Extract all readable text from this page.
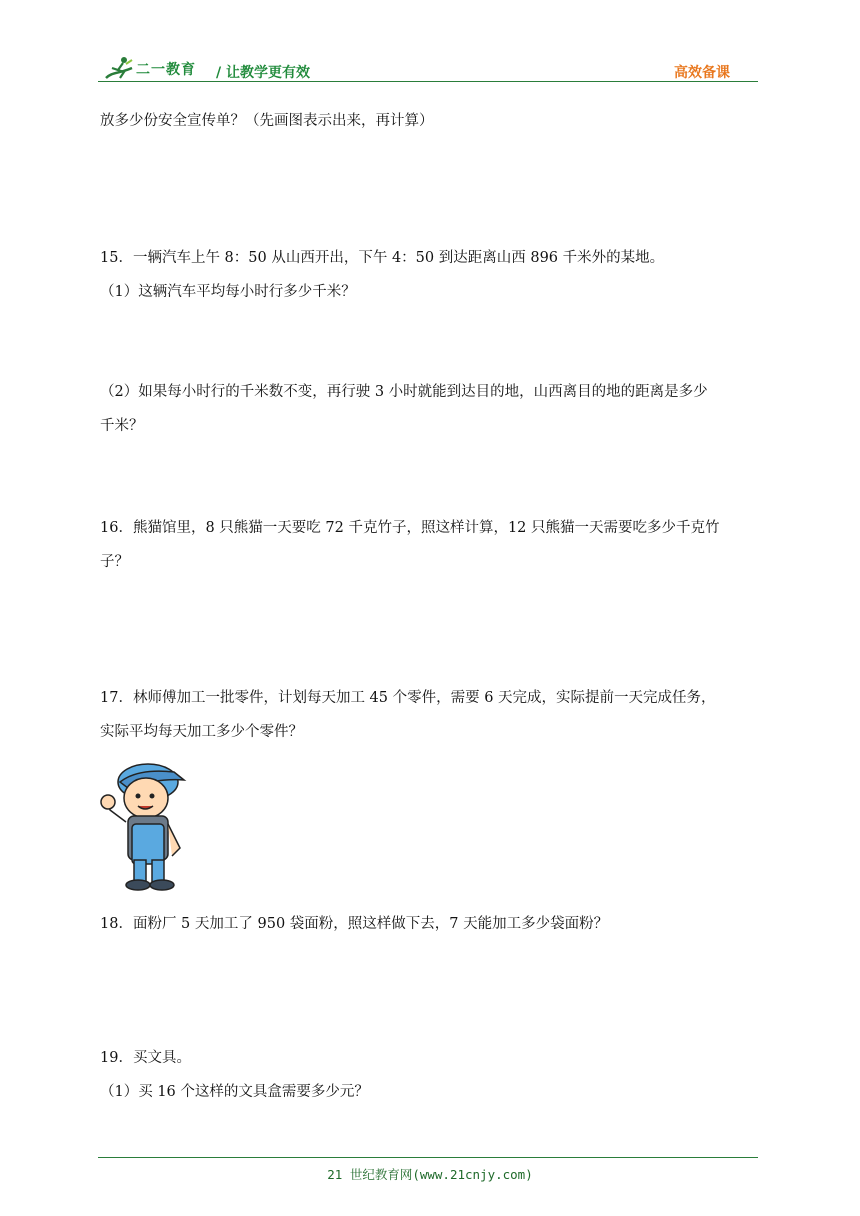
二一教育 / 让教学更有效	高效备课
放多少份安全宣传单？（先画图表示出来，再计算）
15．一辆汽车上午 8：50 从山西开出，下午 4：50 到达距离山西 896 千米外的某地。
（1）这辆汽车平均每小时行多少千米？
（2）如果每小时行的千米数不变，再行驶 3 小时就能到达目的地，山西离目的地的距离是多少
千米？
16．熊猫馆里，8 只熊猫一天要吃 72 千克竹子，照这样计算，12 只熊猫一天需要吃多少千克竹
子？
17．林师傅加工一批零件，计划每天加工 45 个零件，需要 6 天完成，实际提前一天完成任务，
实际平均每天加工多少个零件？
18．面粉厂 5 天加工了 950 袋面粉，照这样做下去，7 天能加工多少袋面粉？
19．买文具。
（1）买 16 个这样的文具盒需要多少元？
21 世纪教育网(www.21cnjy.com)
